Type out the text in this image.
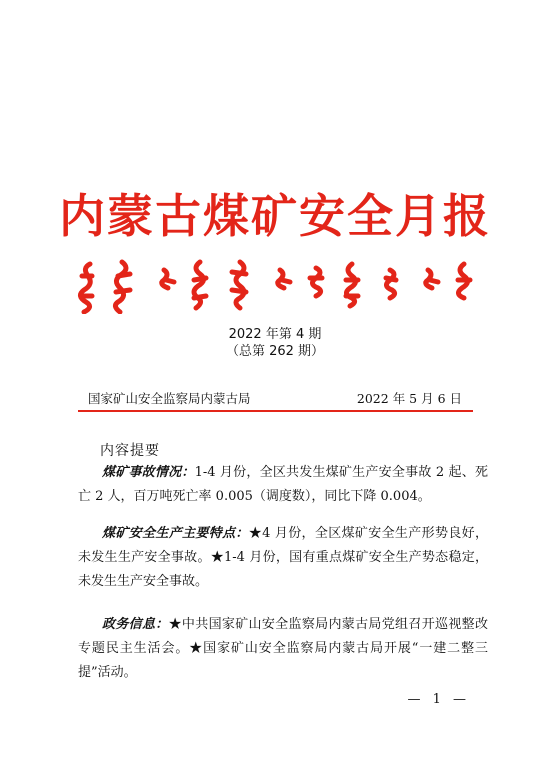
内蒙古煤矿安全月报
2022 年第 4 期
（总第 262 期）
国家矿山安全监察局内蒙古局	2022 年 5 月 6 日
内容提要

煤矿事故情况：1-4 月份，全区共发生煤矿生产安全事故 2 起、死亡 2 人，百万吨死亡率 0.005（调度数），同比下降 0.004。

煤矿安全生产主要特点：★4 月份，全区煤矿安全生产形势良好，未发生生产安全事故。★1-4 月份，国有重点煤矿安全生产势态稳定，未发生生产安全事故。

政务信息：★中共国家矿山安全监察局内蒙古局党组召开巡视整改专题民主生活会。★国家矿山安全监察局内蒙古局开展“一建二整三提”活动。

— 1 —
